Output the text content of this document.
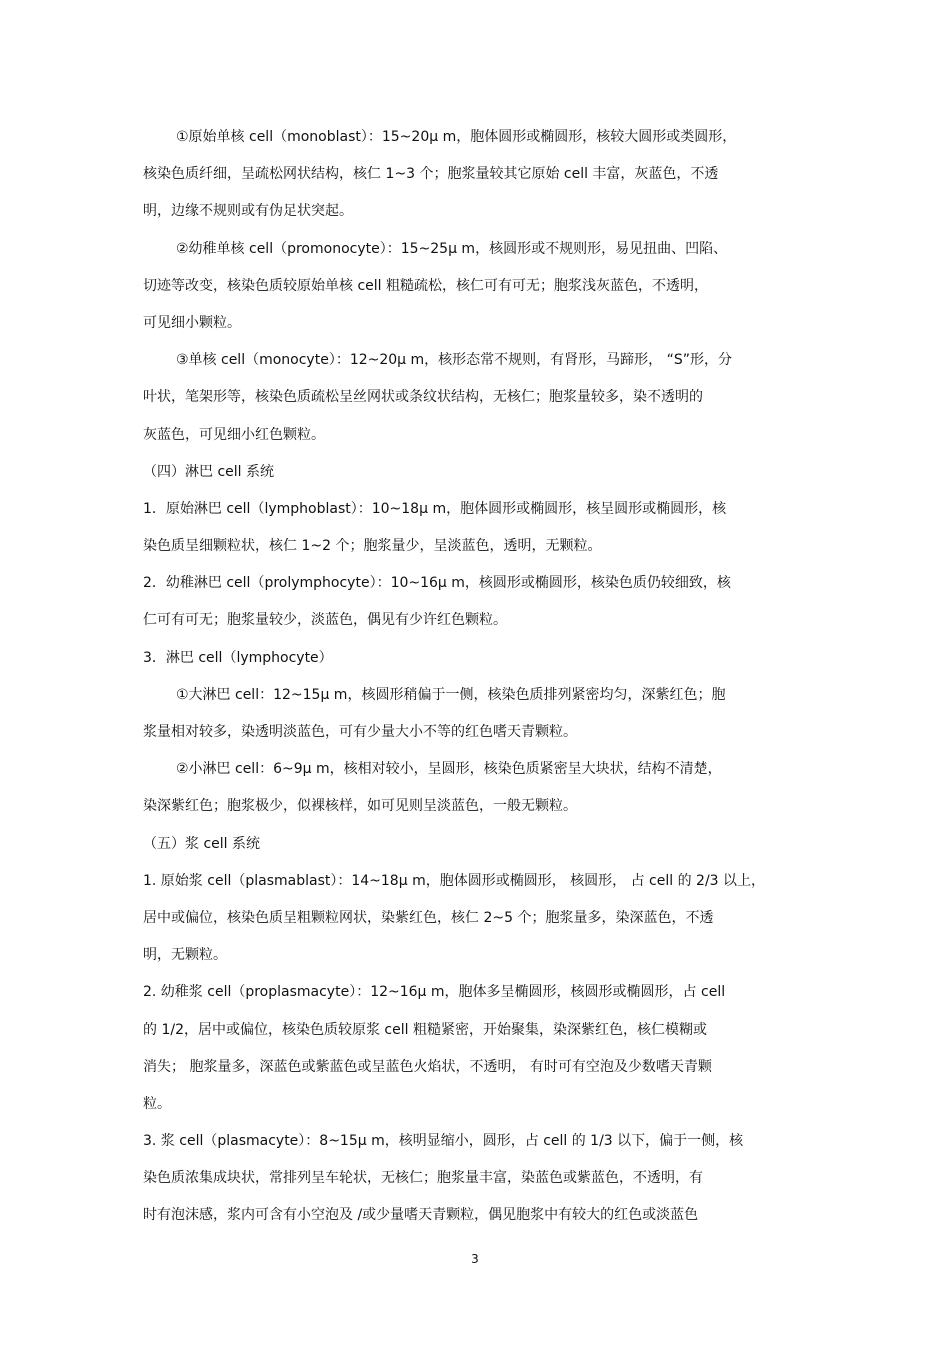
①原始单核 cell（monoblast）：15~20μ m，胞体圆形或椭圆形，核较大圆形或类圆形，
核染色质纤细，呈疏松网状结构，核仁 1~3 个；胞浆量较其它原始 cell 丰富，灰蓝色，不透
明，边缘不规则或有伪足状突起。
②幼稚单核 cell（promonocyte）：15~25μ m，核圆形或不规则形，易见扭曲、凹陷、
切迹等改变，核染色质较原始单核 cell 粗糙疏松，核仁可有可无；胞浆浅灰蓝色，不透明，
可见细小颗粒。
③单核 cell（monocyte）：12~20μ m，核形态常不规则，有肾形，马蹄形， “S”形，分
叶状，笔架形等，核染色质疏松呈丝网状或条纹状结构，无核仁；胞浆量较多，染不透明的
灰蓝色，可见细小红色颗粒。
（四）淋巴 cell 系统
1．原始淋巴 cell（lymphoblast）：10~18μ m，胞体圆形或椭圆形，核呈圆形或椭圆形，核
染色质呈细颗粒状，核仁 1~2 个；胞浆量少，呈淡蓝色，透明，无颗粒。
2．幼稚淋巴 cell（prolymphocyte）：10~16μ m，核圆形或椭圆形，核染色质仍较细致，核
仁可有可无；胞浆量较少，淡蓝色，偶见有少许红色颗粒。
3．淋巴 cell（lymphocyte）
①大淋巴 cell：12~15μ m，核圆形稍偏于一侧，核染色质排列紧密均匀，深紫红色；胞
浆量相对较多，染透明淡蓝色，可有少量大小不等的红色嗜天青颗粒。
②小淋巴 cell：6~9μ m，核相对较小，呈圆形，核染色质紧密呈大块状，结构不清楚，
染深紫红色；胞浆极少，似裸核样，如可见则呈淡蓝色，一般无颗粒。
（五）浆 cell 系统
1. 原始浆 cell（plasmablast）：14~18μ m，胞体圆形或椭圆形， 核圆形， 占 cell 的 2/3 以上，
居中或偏位，核染色质呈粗颗粒网状，染紫红色，核仁 2~5 个；胞浆量多，染深蓝色，不透
明，无颗粒。
2. 幼稚浆 cell（proplasmacyte）：12~16μ m，胞体多呈椭圆形，核圆形或椭圆形，占 cell
的 1/2，居中或偏位，核染色质较原浆 cell 粗糙紧密，开始聚集，染深紫红色，核仁模糊或
消失； 胞浆量多，深蓝色或紫蓝色或呈蓝色火焰状，不透明， 有时可有空泡及少数嗜天青颗
粒。
3. 浆 cell（plasmacyte）：8~15μ m，核明显缩小，圆形，占 cell 的 1/3 以下，偏于一侧，核
染色质浓集成块状，常排列呈车轮状，无核仁；胞浆量丰富，染蓝色或紫蓝色，不透明，有
时有泡沫感，浆内可含有小空泡及 /或少量嗜天青颗粒，偶见胞浆中有较大的红色或淡蓝色
3
